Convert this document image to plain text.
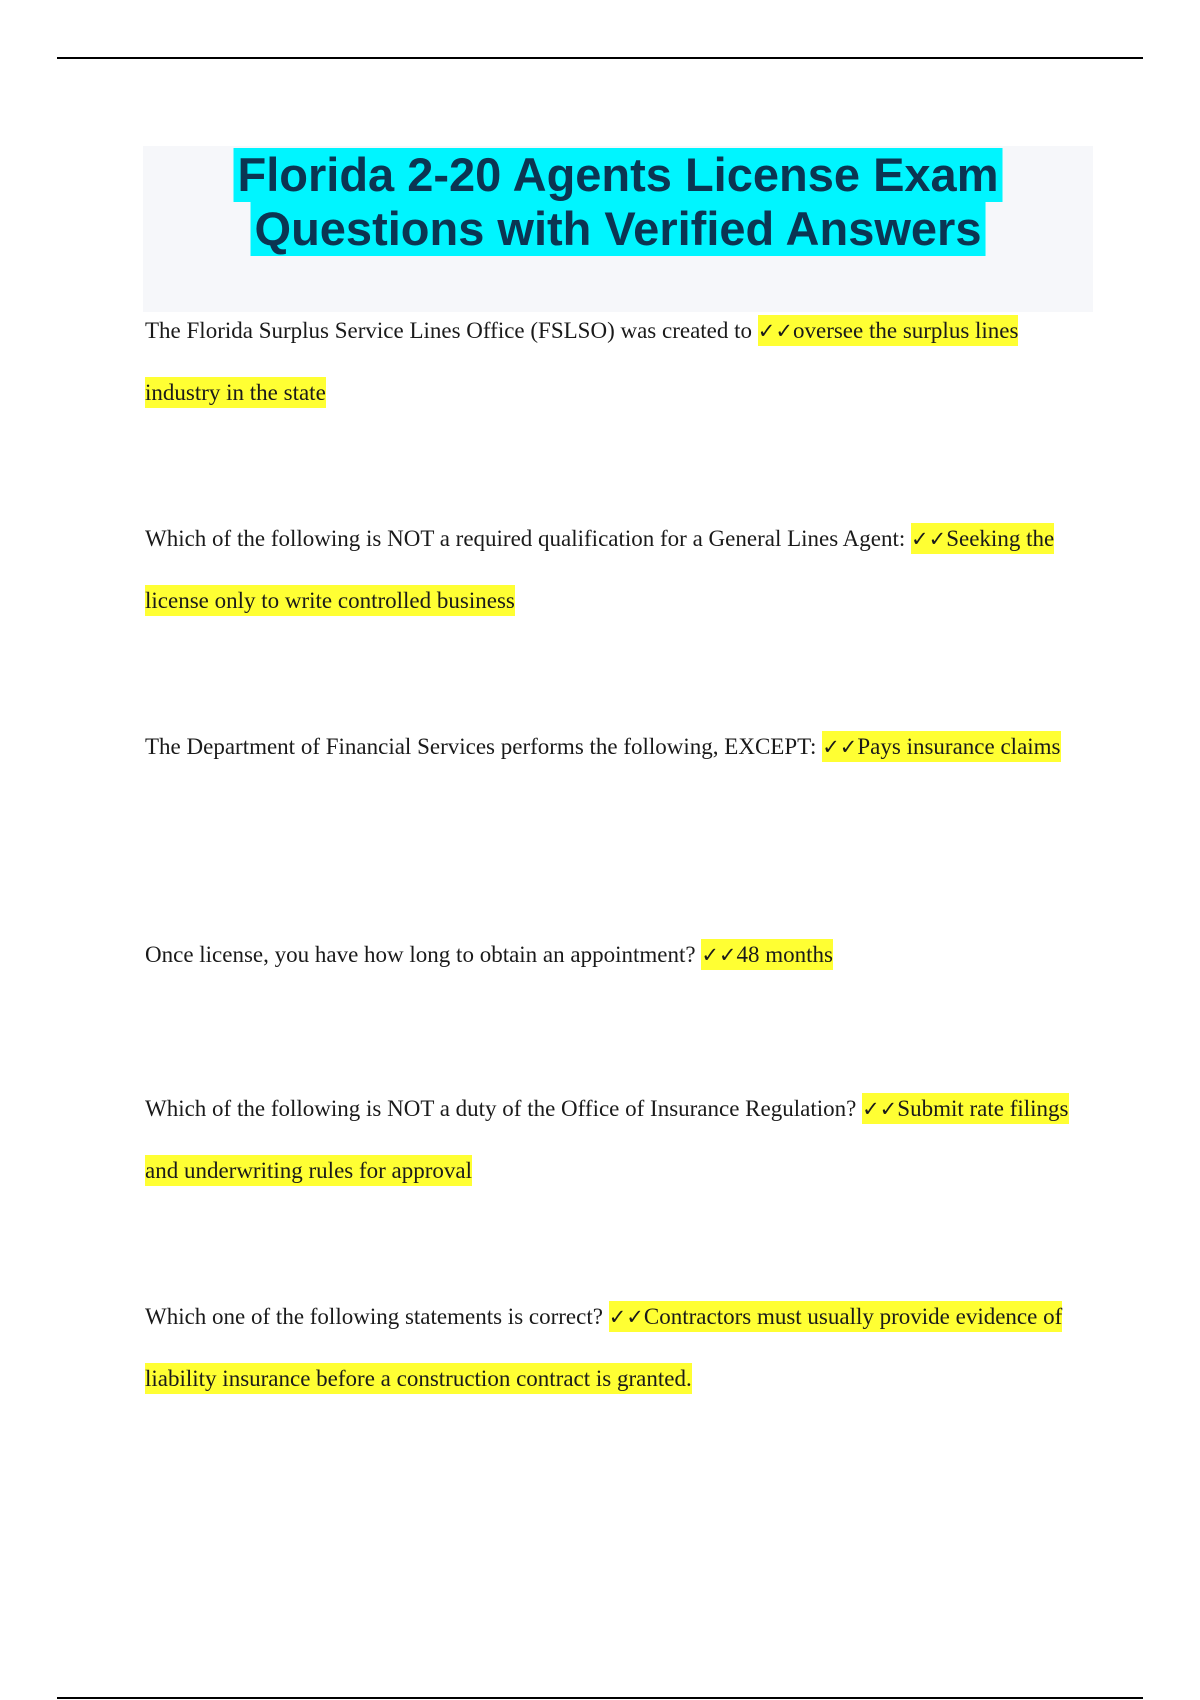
Florida 2-20 Agents License Exam
Questions with Verified Answers

The Florida Surplus Service Lines Office (FSLSO) was created to ✓✓oversee the surplus lines industry in the state

Which of the following is NOT a required qualification for a General Lines Agent: ✓✓Seeking the license only to write controlled business

The Department of Financial Services performs the following, EXCEPT: ✓✓Pays insurance claims

Once license, you have how long to obtain an appointment? ✓✓48 months

Which of the following is NOT a duty of the Office of Insurance Regulation? ✓✓Submit rate filings and underwriting rules for approval

Which one of the following statements is correct? ✓✓Contractors must usually provide evidence of liability insurance before a construction contract is granted.
